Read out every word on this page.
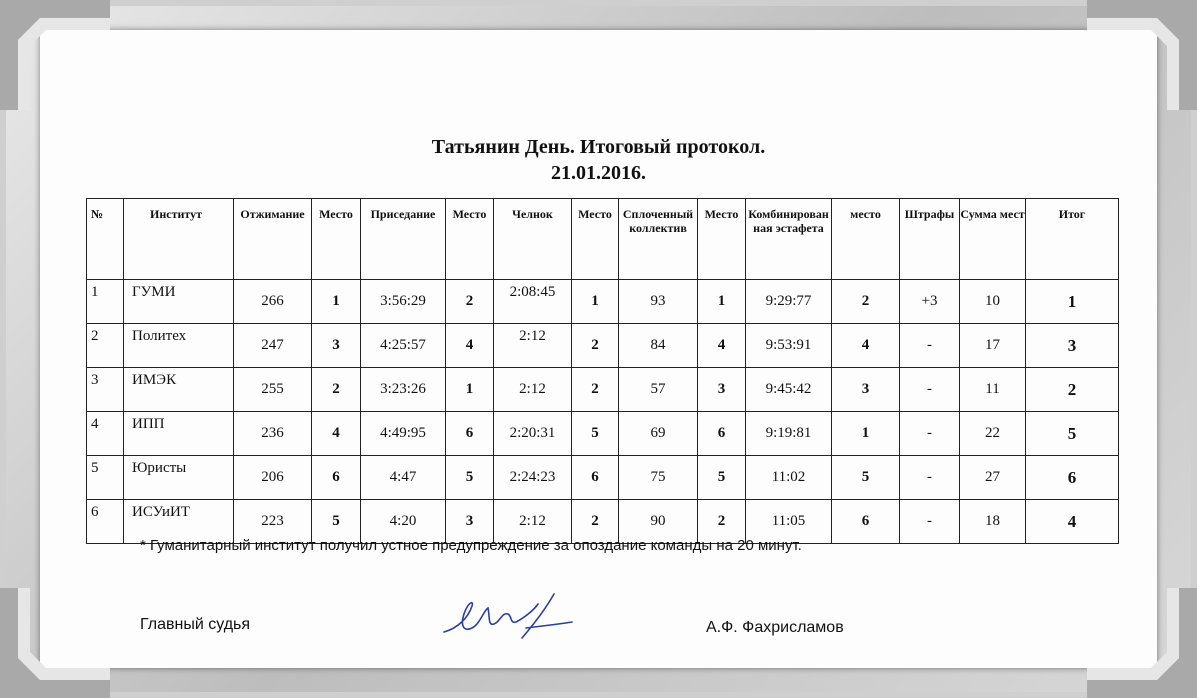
Татьянин День. Итоговый протокол.
21.01.2016.
№	Институт	Отжимание	Место	Приседание	Место	Челнок	Место	Сплоченный коллектив	Место	Комбинированная эстафета	место	Штрафы	Сумма мест	Итог
1	ГУМИ	266	1	3:56:29	2	2:08:45	1	93	1	9:29:77	2	+3	10	1
2	Политех	247	3	4:25:57	4	2:12	2	84	4	9:53:91	4	-	17	3
3	ИМЭК	255	2	3:23:26	1	2:12	2	57	3	9:45:42	3	-	11	2
4	ИПП	236	4	4:49:95	6	2:20:31	5	69	6	9:19:81	1	-	22	5
5	Юристы	206	6	4:47	5	2:24:23	6	75	5	11:02	5	-	27	6
6	ИСУиИТ	223	5	4:20	3	2:12	2	90	2	11:05	6	-	18	4
* Гуманитарный институт получил устное предупреждение за опоздание команды на 20 минут.
Главный судья	А.Ф. Фахрисламов
